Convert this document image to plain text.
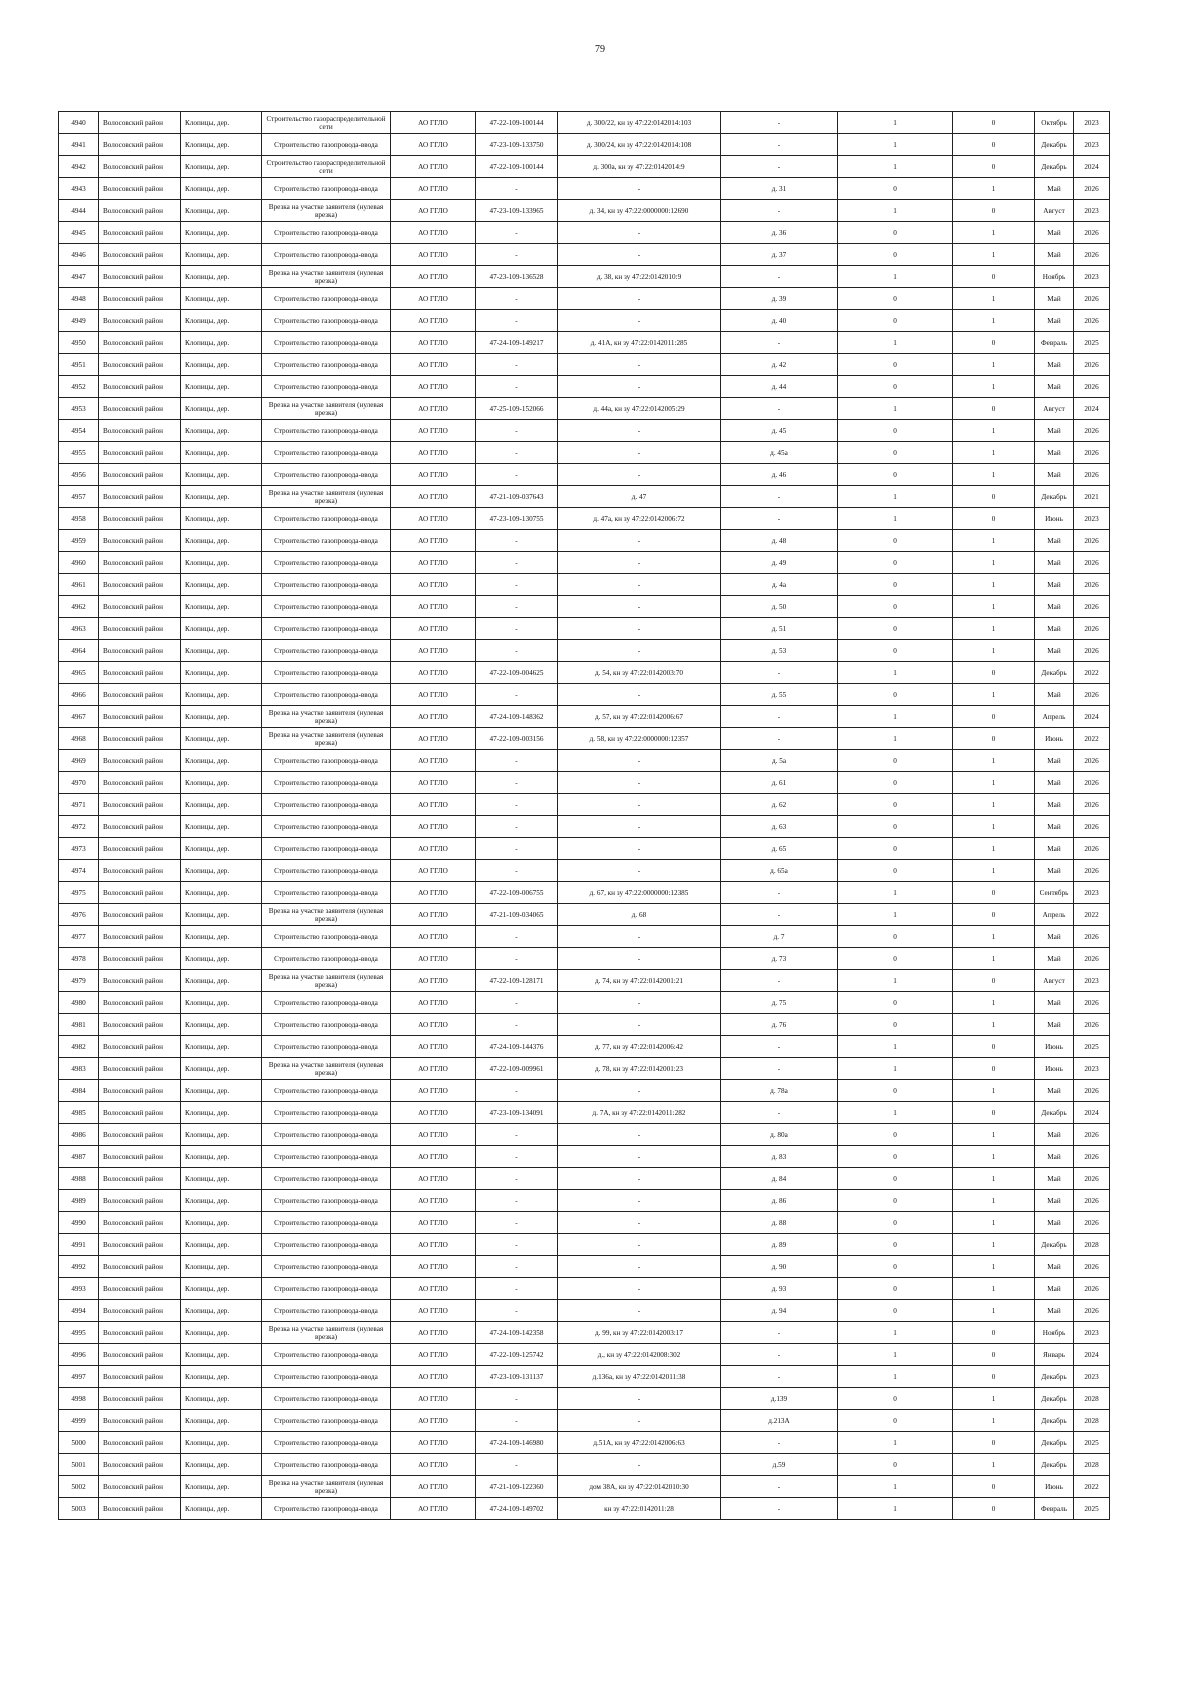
79
4940	Волосовский район	Клопицы, дер.	Строительство газораспределительной сети	АО ГГЛО	47-22-109-100144	д. 300/22, кн зу 47:22:0142014:103	-	1	0	Октябрь	2023
4941	Волосовский район	Клопицы, дер.	Строительство газопровода-ввода	АО ГГЛО	47-23-109-133750	д. 300/24, кн зу 47:22:0142014:108	-	1	0	Декабрь	2023
4942	Волосовский район	Клопицы, дер.	Строительство газораспределительной сети	АО ГГЛО	47-22-109-100144	д. 300а, кн зу 47:22:0142014:9	-	1	0	Декабрь	2024
4943	Волосовский район	Клопицы, дер.	Строительство газопровода-ввода	АО ГГЛО	-	-	д. 31	0	1	Май	2026
4944	Волосовский район	Клопицы, дер.	Врезка на участке заявителя (нулевая врезка)	АО ГГЛО	47-23-109-133965	д. 34, кн зу 47:22:0000000:12690	-	1	0	Август	2023
4945	Волосовский район	Клопицы, дер.	Строительство газопровода-ввода	АО ГГЛО	-	-	д. 36	0	1	Май	2026
4946	Волосовский район	Клопицы, дер.	Строительство газопровода-ввода	АО ГГЛО	-	-	д. 37	0	1	Май	2026
4947	Волосовский район	Клопицы, дер.	Врезка на участке заявителя (нулевая врезка)	АО ГГЛО	47-23-109-136528	д. 38, кн зу 47:22:0142010:9	-	1	0	Ноябрь	2023
4948	Волосовский район	Клопицы, дер.	Строительство газопровода-ввода	АО ГГЛО	-	-	д. 39	0	1	Май	2026
4949	Волосовский район	Клопицы, дер.	Строительство газопровода-ввода	АО ГГЛО	-	-	д. 40	0	1	Май	2026
4950	Волосовский район	Клопицы, дер.	Строительство газопровода-ввода	АО ГГЛО	47-24-109-149217	д. 41А, кн зу 47:22:0142011:285	-	1	0	Февраль	2025
4951	Волосовский район	Клопицы, дер.	Строительство газопровода-ввода	АО ГГЛО	-	-	д. 42	0	1	Май	2026
4952	Волосовский район	Клопицы, дер.	Строительство газопровода-ввода	АО ГГЛО	-	-	д. 44	0	1	Май	2026
4953	Волосовский район	Клопицы, дер.	Врезка на участке заявителя (нулевая врезка)	АО ГГЛО	47-25-109-152066	д. 44а, кн зу 47:22:0142005:29	-	1	0	Август	2024
4954	Волосовский район	Клопицы, дер.	Строительство газопровода-ввода	АО ГГЛО	-	-	д. 45	0	1	Май	2026
4955	Волосовский район	Клопицы, дер.	Строительство газопровода-ввода	АО ГГЛО	-	-	д. 45а	0	1	Май	2026
4956	Волосовский район	Клопицы, дер.	Строительство газопровода-ввода	АО ГГЛО	-	-	д. 46	0	1	Май	2026
4957	Волосовский район	Клопицы, дер.	Врезка на участке заявителя (нулевая врезка)	АО ГГЛО	47-21-109-037643	д. 47	-	1	0	Декабрь	2021
4958	Волосовский район	Клопицы, дер.	Строительство газопровода-ввода	АО ГГЛО	47-23-109-130755	д. 47а, кн зу 47:22:0142006:72	-	1	0	Июнь	2023
4959	Волосовский район	Клопицы, дер.	Строительство газопровода-ввода	АО ГГЛО	-	-	д. 48	0	1	Май	2026
4960	Волосовский район	Клопицы, дер.	Строительство газопровода-ввода	АО ГГЛО	-	-	д. 49	0	1	Май	2026
4961	Волосовский район	Клопицы, дер.	Строительство газопровода-ввода	АО ГГЛО	-	-	д. 4а	0	1	Май	2026
4962	Волосовский район	Клопицы, дер.	Строительство газопровода-ввода	АО ГГЛО	-	-	д. 50	0	1	Май	2026
4963	Волосовский район	Клопицы, дер.	Строительство газопровода-ввода	АО ГГЛО	-	-	д. 51	0	1	Май	2026
4964	Волосовский район	Клопицы, дер.	Строительство газопровода-ввода	АО ГГЛО	-	-	д. 53	0	1	Май	2026
4965	Волосовский район	Клопицы, дер.	Строительство газопровода-ввода	АО ГГЛО	47-22-109-004625	д. 54, кн зу 47:22:0142003:70	-	1	0	Декабрь	2022
4966	Волосовский район	Клопицы, дер.	Строительство газопровода-ввода	АО ГГЛО	-	-	д. 55	0	1	Май	2026
4967	Волосовский район	Клопицы, дер.	Врезка на участке заявителя (нулевая врезка)	АО ГГЛО	47-24-109-148362	д. 57, кн зу 47:22:0142006:67	-	1	0	Апрель	2024
4968	Волосовский район	Клопицы, дер.	Врезка на участке заявителя (нулевая врезка)	АО ГГЛО	47-22-109-003156	д. 58, кн зу 47:22:0000000:12357	-	1	0	Июнь	2022
4969	Волосовский район	Клопицы, дер.	Строительство газопровода-ввода	АО ГГЛО	-	-	д. 5а	0	1	Май	2026
4970	Волосовский район	Клопицы, дер.	Строительство газопровода-ввода	АО ГГЛО	-	-	д. 61	0	1	Май	2026
4971	Волосовский район	Клопицы, дер.	Строительство газопровода-ввода	АО ГГЛО	-	-	д. 62	0	1	Май	2026
4972	Волосовский район	Клопицы, дер.	Строительство газопровода-ввода	АО ГГЛО	-	-	д. 63	0	1	Май	2026
4973	Волосовский район	Клопицы, дер.	Строительство газопровода-ввода	АО ГГЛО	-	-	д. 65	0	1	Май	2026
4974	Волосовский район	Клопицы, дер.	Строительство газопровода-ввода	АО ГГЛО	-	-	д. 65а	0	1	Май	2026
4975	Волосовский район	Клопицы, дер.	Строительство газопровода-ввода	АО ГГЛО	47-22-109-006755	д. 67, кн зу 47:22:0000000:12385	-	1	0	Сентябрь	2023
4976	Волосовский район	Клопицы, дер.	Врезка на участке заявителя (нулевая врезка)	АО ГГЛО	47-21-109-034065	д. 68	-	1	0	Апрель	2022
4977	Волосовский район	Клопицы, дер.	Строительство газопровода-ввода	АО ГГЛО	-	-	д. 7	0	1	Май	2026
4978	Волосовский район	Клопицы, дер.	Строительство газопровода-ввода	АО ГГЛО	-	-	д. 73	0	1	Май	2026
4979	Волосовский район	Клопицы, дер.	Врезка на участке заявителя (нулевая врезка)	АО ГГЛО	47-22-109-128171	д. 74, кн зу 47:22:0142001:21	-	1	0	Август	2023
4980	Волосовский район	Клопицы, дер.	Строительство газопровода-ввода	АО ГГЛО	-	-	д. 75	0	1	Май	2026
4981	Волосовский район	Клопицы, дер.	Строительство газопровода-ввода	АО ГГЛО	-	-	д. 76	0	1	Май	2026
4982	Волосовский район	Клопицы, дер.	Строительство газопровода-ввода	АО ГГЛО	47-24-109-144376	д. 77, кн зу 47:22:0142006:42	-	1	0	Июнь	2025
4983	Волосовский район	Клопицы, дер.	Врезка на участке заявителя (нулевая врезка)	АО ГГЛО	47-22-109-009961	д. 78, кн зу 47:22:0142001:23	-	1	0	Июнь	2023
4984	Волосовский район	Клопицы, дер.	Строительство газопровода-ввода	АО ГГЛО	-	-	д. 78а	0	1	Май	2026
4985	Волосовский район	Клопицы, дер.	Строительство газопровода-ввода	АО ГГЛО	47-23-109-134091	д. 7А, кн зу 47:22:0142011:282	-	1	0	Декабрь	2024
4986	Волосовский район	Клопицы, дер.	Строительство газопровода-ввода	АО ГГЛО	-	-	д. 80а	0	1	Май	2026
4987	Волосовский район	Клопицы, дер.	Строительство газопровода-ввода	АО ГГЛО	-	-	д. 83	0	1	Май	2026
4988	Волосовский район	Клопицы, дер.	Строительство газопровода-ввода	АО ГГЛО	-	-	д. 84	0	1	Май	2026
4989	Волосовский район	Клопицы, дер.	Строительство газопровода-ввода	АО ГГЛО	-	-	д. 86	0	1	Май	2026
4990	Волосовский район	Клопицы, дер.	Строительство газопровода-ввода	АО ГГЛО	-	-	д. 88	0	1	Май	2026
4991	Волосовский район	Клопицы, дер.	Строительство газопровода-ввода	АО ГГЛО	-	-	д. 89	0	1	Декабрь	2028
4992	Волосовский район	Клопицы, дер.	Строительство газопровода-ввода	АО ГГЛО	-	-	д. 90	0	1	Май	2026
4993	Волосовский район	Клопицы, дер.	Строительство газопровода-ввода	АО ГГЛО	-	-	д. 93	0	1	Май	2026
4994	Волосовский район	Клопицы, дер.	Строительство газопровода-ввода	АО ГГЛО	-	-	д. 94	0	1	Май	2026
4995	Волосовский район	Клопицы, дер.	Врезка на участке заявителя (нулевая врезка)	АО ГГЛО	47-24-109-142358	д. 99, кн зу 47:22:0142003:17	-	1	0	Ноябрь	2023
4996	Волосовский район	Клопицы, дер.	Строительство газопровода-ввода	АО ГГЛО	47-22-109-125742	д., кн зу 47:22:0142008:302	-	1	0	Январь	2024
4997	Волосовский район	Клопицы, дер.	Строительство газопровода-ввода	АО ГГЛО	47-23-109-131137	д.136а, кн зу 47:22:0142011:38	-	1	0	Декабрь	2023
4998	Волосовский район	Клопицы, дер.	Строительство газопровода-ввода	АО ГГЛО	-	-	д.139	0	1	Декабрь	2028
4999	Волосовский район	Клопицы, дер.	Строительство газопровода-ввода	АО ГГЛО	-	-	д.213А	0	1	Декабрь	2028
5000	Волосовский район	Клопицы, дер.	Строительство газопровода-ввода	АО ГГЛО	47-24-109-146980	д.51А, кн зу 47:22:0142006:63	-	1	0	Декабрь	2025
5001	Волосовский район	Клопицы, дер.	Строительство газопровода-ввода	АО ГГЛО	-	-	д.59	0	1	Декабрь	2028
5002	Волосовский район	Клопицы, дер.	Врезка на участке заявителя (нулевая врезка)	АО ГГЛО	47-21-109-122360	дом 38А, кн зу 47:22:0142010:30	-	1	0	Июнь	2022
5003	Волосовский район	Клопицы, дер.	Строительство газопровода-ввода	АО ГГЛО	47-24-109-149702	кн зу 47:22:0142011:28	-	1	0	Февраль	2025
